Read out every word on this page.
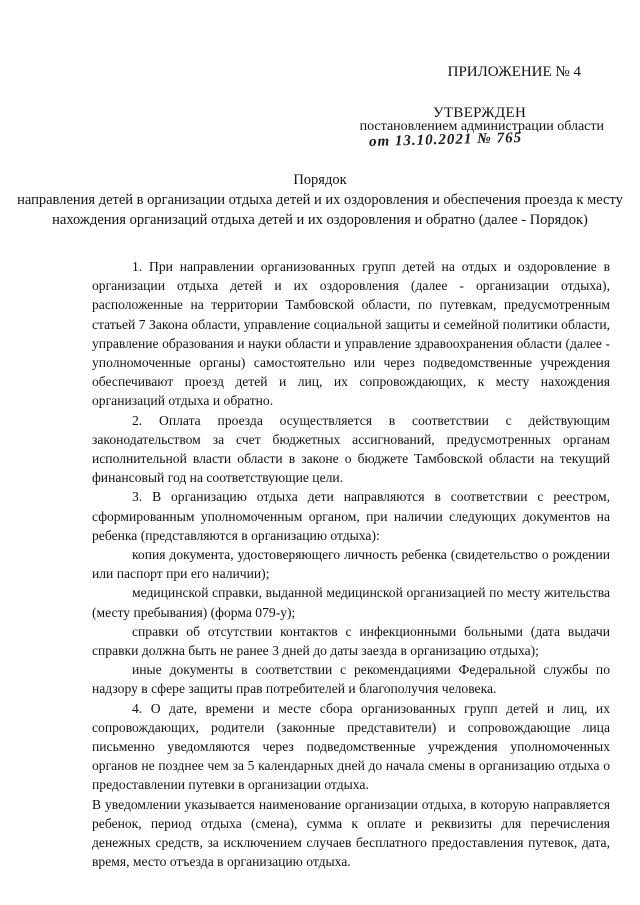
ПРИЛОЖЕНИЕ № 4
УТВЕРЖДЕН
постановлением администрации области
от 13.10.2021 № 765
Порядок
направления детей в организации отдыха детей и их оздоровления и обеспечения проезда к месту нахождения организаций отдыха детей и их оздоровления и обратно (далее - Порядок)

1. При направлении организованных групп детей на отдых и оздоровление в организации отдыха детей и их оздоровления (далее - организации отдыха), расположенные на территории Тамбовской области, по путевкам, предусмотренным статьей 7 Закона области, управление социальной защиты и семейной политики области, управление образования и науки области и управление здравоохранения области (далее - уполномоченные органы) самостоятельно или через подведомственные учреждения обеспечивают проезд детей и лиц, их сопровождающих, к месту нахождения организаций отдыха и обратно.

2. Оплата проезда осуществляется в соответствии с действующим законодательством за счет бюджетных ассигнований, предусмотренных органам исполнительной власти области в законе о бюджете Тамбовской области на текущий финансовый год на соответствующие цели.

3. В организацию отдыха дети направляются в соответствии с реестром, сформированным уполномоченным органом, при наличии следующих документов на ребенка (представляются в организацию отдыха):

копия документа, удостоверяющего личность ребенка (свидетельство о рождении или паспорт при его наличии);

медицинской справки, выданной медицинской организацией по месту жительства (месту пребывания) (форма 079-у);

справки об отсутствии контактов с инфекционными больными (дата выдачи справки должна быть не ранее 3 дней до даты заезда в организацию отдыха);

иные документы в соответствии с рекомендациями Федеральной службы по надзору в сфере защиты прав потребителей и благополучия человека.

4. О дате, времени и месте сбора организованных групп детей и лиц, их сопровождающих, родители (законные представители) и сопровождающие лица письменно уведомляются через подведомственные учреждения уполномоченных органов не позднее чем за 5 календарных дней до начала смены в организацию отдыха о предоставлении путевки в организации отдыха.

В уведомлении указывается наименование организации отдыха, в которую направляется ребенок, период отдыха (смена), сумма к оплате и реквизиты для перечисления денежных средств, за исключением случаев бесплатного предоставления путевок, дата, время, место отъезда в организацию отдыха.
